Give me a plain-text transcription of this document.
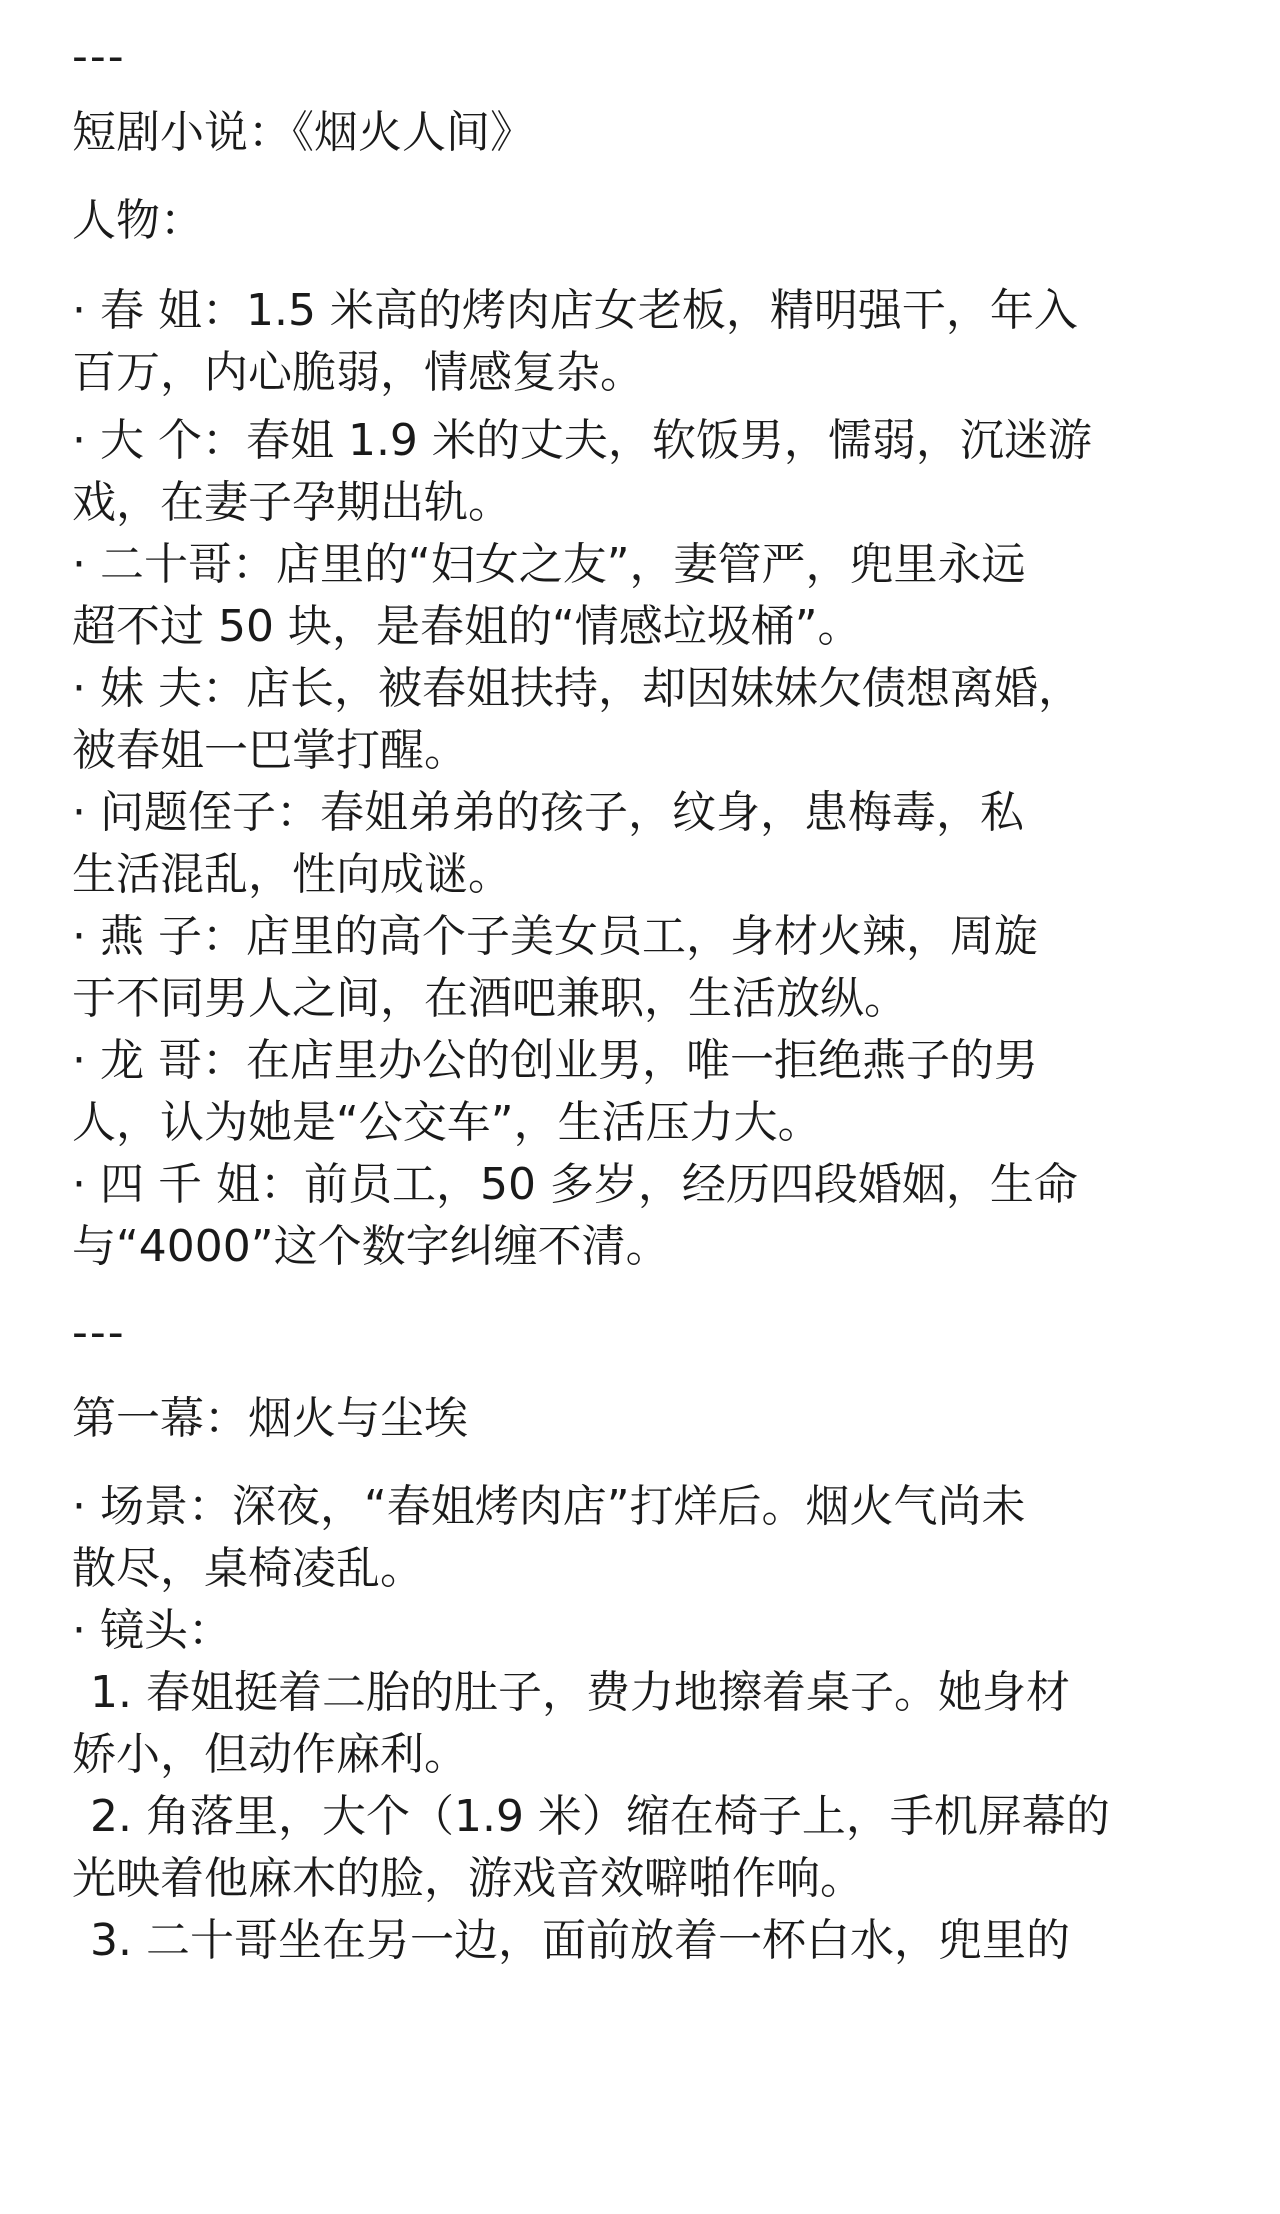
---
短剧小说：《烟火人间》
人物：
· 春 姐：1.5 米高的烤肉店女老板，精明强干，年入
百万，内心脆弱，情感复杂。
· 大 个：春姐 1.9 米的丈夫，软饭男，懦弱，沉迷游
戏，在妻子孕期出轨。
· 二十哥：店里的“妇女之友”，妻管严，兜里永远
超不过 50 块，是春姐的“情感垃圾桶”。
· 妹 夫：店长，被春姐扶持，却因妹妹欠债想离婚，
被春姐一巴掌打醒。
· 问题侄子：春姐弟弟的孩子，纹身，患梅毒，私
生活混乱，性向成谜。
· 燕 子：店里的高个子美女员工，身材火辣，周旋
于不同男人之间，在酒吧兼职，生活放纵。
· 龙 哥：在店里办公的创业男，唯一拒绝燕子的男
人，认为她是“公交车”，生活压力大。
· 四 千 姐：前员工，50 多岁，经历四段婚姻，生命
与“4000”这个数字纠缠不清。
---
第一幕：烟火与尘埃
· 场景：深夜，“春姐烤肉店”打烊后。烟火气尚未
散尽，桌椅凌乱。
· 镜头：
1. 春姐挺着二胎的肚子，费力地擦着桌子。她身材
娇小，但动作麻利。
2. 角落里，大个（1.9 米）缩在椅子上，手机屏幕的
光映着他麻木的脸，游戏音效噼啪作响。
3. 二十哥坐在另一边，面前放着一杯白水，兜里的
